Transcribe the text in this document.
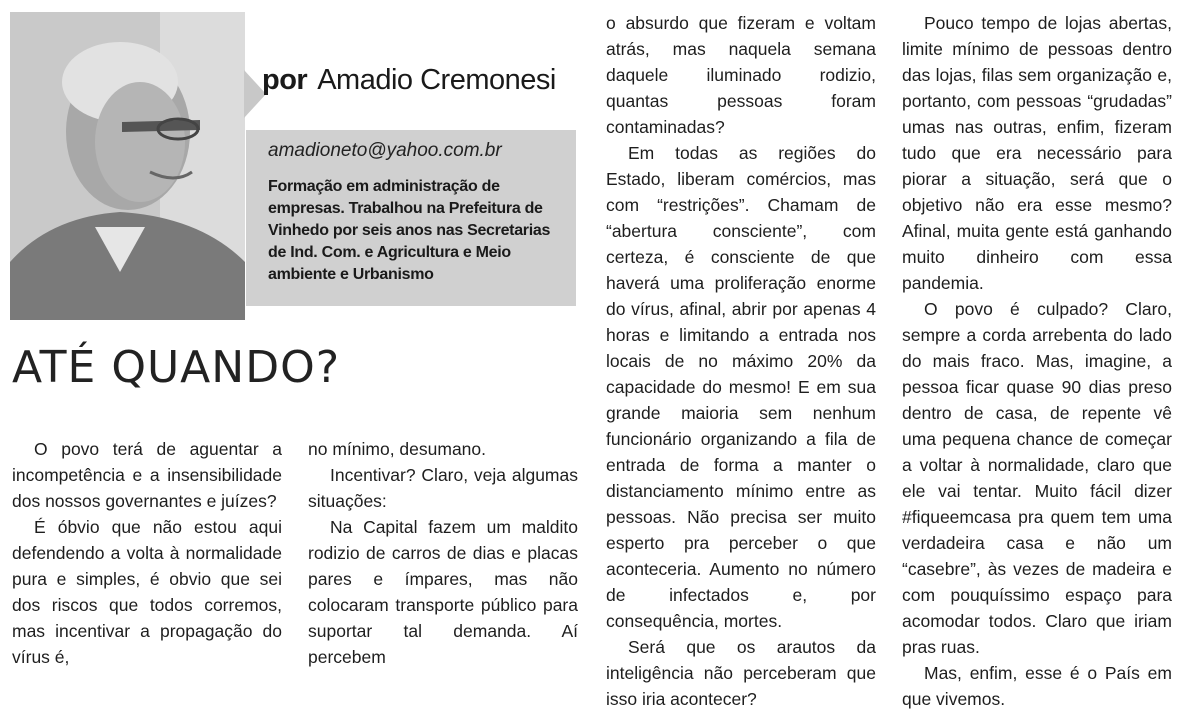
por Amadio Cremonesi
amadioneto@yahoo.com.br
Formação em administração de empresas. Trabalhou na Prefeitura de Vinhedo por seis anos nas Secretarias de Ind. Com. e Agricultura e Meio ambiente e Urbanismo
ATÉ QUANDO?

O povo terá de aguentar a incompetência e a insensibilidade dos nossos governantes e juízes?

É óbvio que não estou aqui defendendo a volta à normalidade pura e simples, é obvio que sei dos riscos que todos corremos, mas incentivar a propagação do vírus é,

no mínimo, desumano.

Incentivar? Claro, veja algumas situações:

Na Capital fazem um maldito rodizio de carros de dias e placas pares e ímpares, mas não colocaram transporte público para suportar tal demanda. Aí percebem

o absurdo que fizeram e voltam atrás, mas naquela semana daquele iluminado rodizio, quantas pessoas foram contaminadas?

Em todas as regiões do Estado, liberam comércios, mas com “restrições”. Chamam de “abertura consciente”, com certeza, é consciente de que haverá uma proliferação enorme do vírus, afinal, abrir por apenas 4 horas e limitando a entrada nos locais de no máximo 20% da capacidade do mesmo! E em sua grande maioria sem nenhum funcionário organizando a fila de entrada de forma a manter o distanciamento mínimo entre as pessoas. Não precisa ser muito esperto pra perceber o que aconteceria. Aumento no número de infectados e, por consequência, mortes.

Será que os arautos da inteligência não perceberam que isso iria acontecer?

Pouco tempo de lojas abertas, limite mínimo de pessoas dentro das lojas, filas sem organização e, portanto, com pessoas “grudadas” umas nas outras, enfim, fizeram tudo que era necessário para piorar a situação, será que o objetivo não era esse mesmo? Afinal, muita gente está ganhando muito dinheiro com essa pandemia.

O povo é culpado? Claro, sempre a corda arrebenta do lado do mais fraco. Mas, imagine, a pessoa ficar quase 90 dias preso dentro de casa, de repente vê uma pequena chance de começar a voltar à normalidade, claro que ele vai tentar. Muito fácil dizer #fiqueemcasa pra quem tem uma verdadeira casa e não um “casebre”, às vezes de madeira e com pouquíssimo espaço para acomodar todos. Claro que iriam pras ruas.

Mas, enfim, esse é o País em que vivemos.
